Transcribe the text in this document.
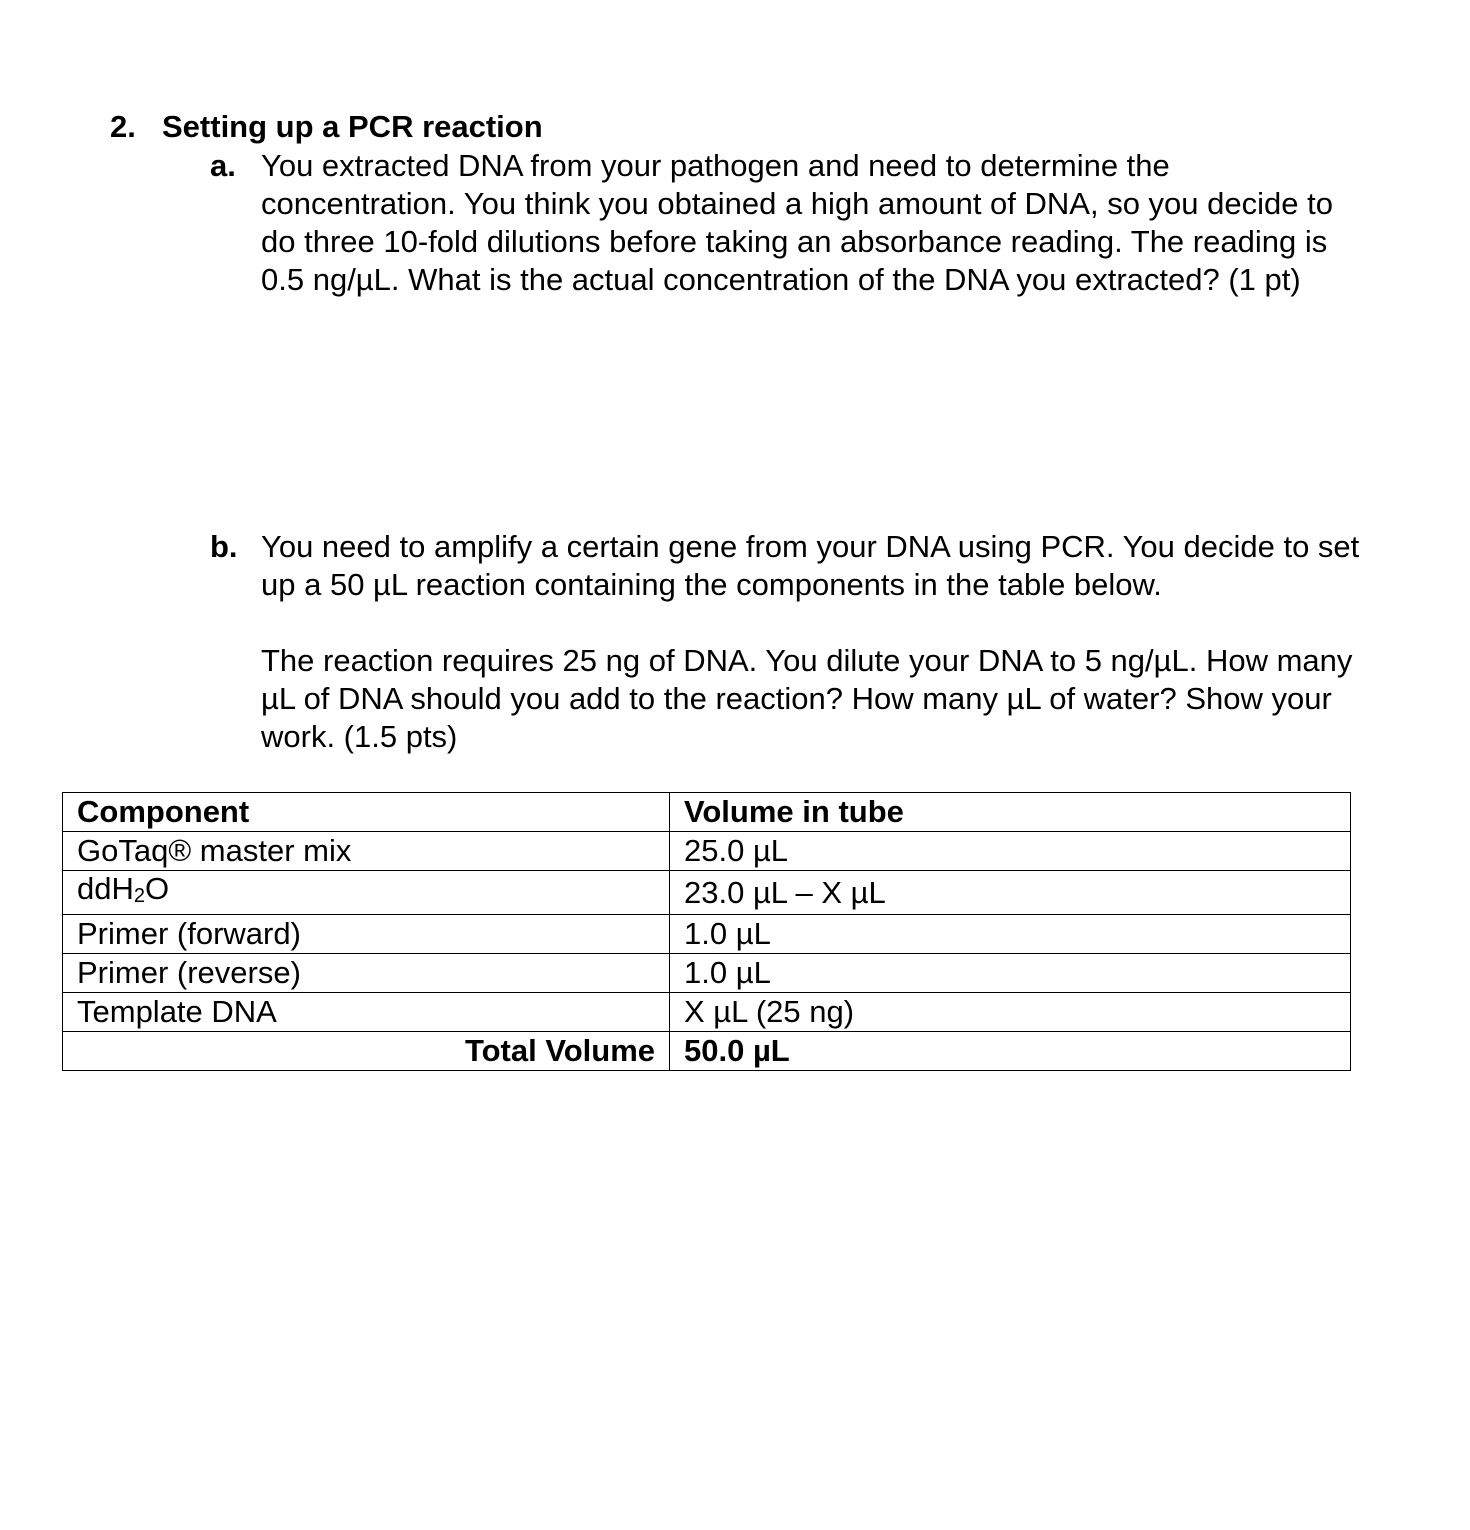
2. Setting up a PCR reaction
a. You extracted DNA from your pathogen and need to determine the concentration. You think you obtained a high amount of DNA, so you decide to do three 10-fold dilutions before taking an absorbance reading. The reading is 0.5 ng/µL. What is the actual concentration of the DNA you extracted? (1 pt)

b. You need to amplify a certain gene from your DNA using PCR. You decide to set up a 50 µL reaction containing the components in the table below.

The reaction requires 25 ng of DNA. You dilute your DNA to 5 ng/µL. How many µL of DNA should you add to the reaction? How many µL of water? Show your work. (1.5 pts)

Component	Volume in tube
GoTaq® master mix	25.0 µL
ddH2O	23.0 µL – X µL
Primer (forward)	1.0 µL
Primer (reverse)	1.0 µL
Template DNA	X µL (25 ng)
Total Volume	50.0 µL
